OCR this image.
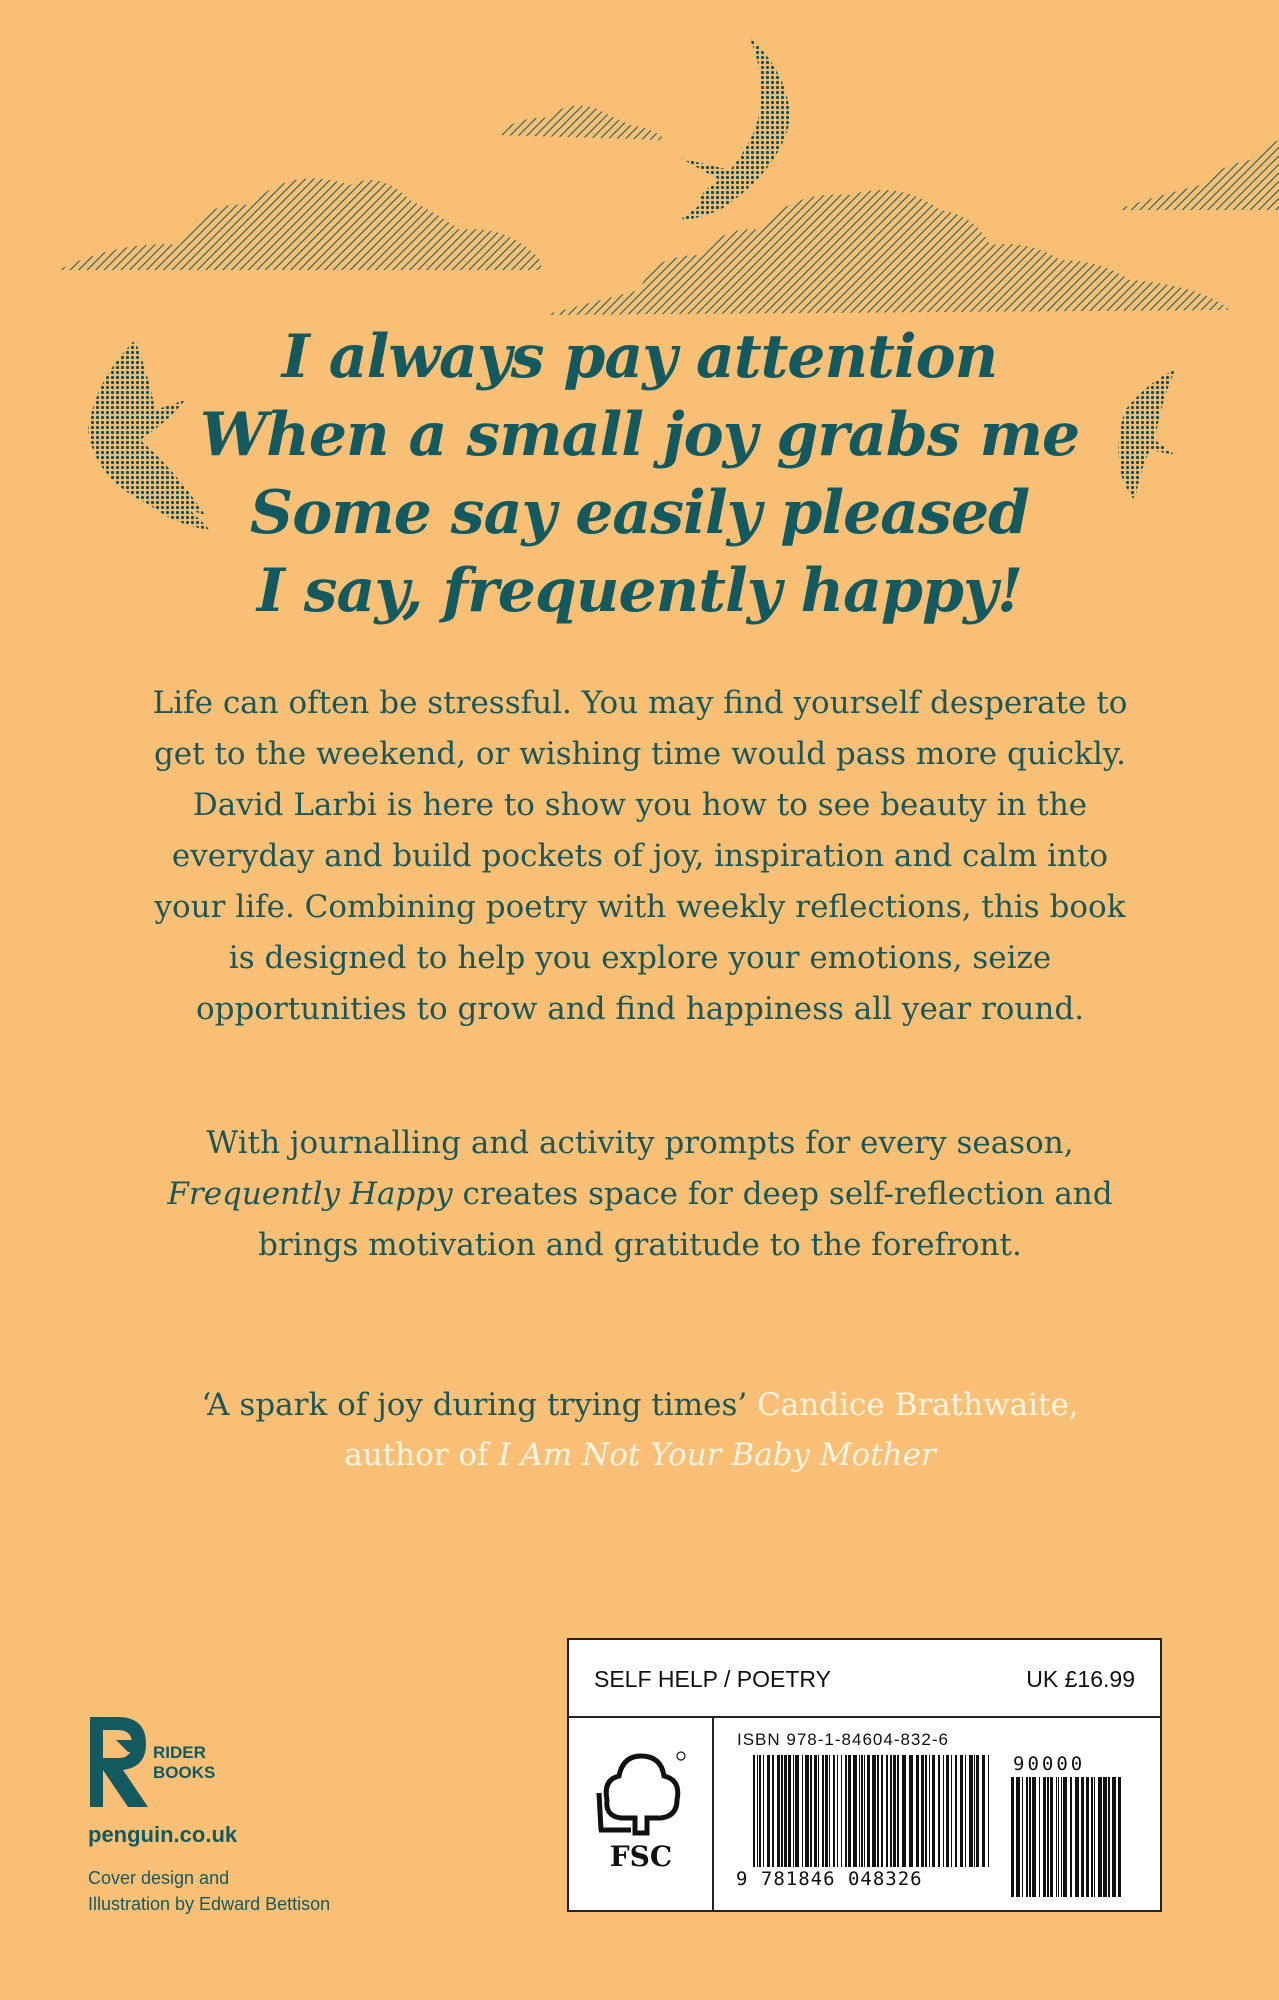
I always pay attention
When a small joy grabs me
Some say easily pleased
I say, frequently happy!
Life can often be stressful. You may find yourself desperate to get to the weekend, or wishing time would pass more quickly. David Larbi is here to show you how to see beauty in the everyday and build pockets of joy, inspiration and calm into your life. Combining poetry with weekly reflections, this book is designed to help you explore your emotions, seize opportunities to grow and find happiness all year round.
With journalling and activity prompts for every season, Frequently Happy creates space for deep self-reflection and brings motivation and gratitude to the forefront.
‘A spark of joy during trying times’ Candice Brathwaite,
author of I Am Not Your Baby Mother
RIDER
BOOKS
penguin.co.uk
Cover design and
Illustration by Edward Bettison
SELF HELP / POETRY	UK £16.99
FSC
ISBN 978-1-84604-832-6
90000
9 781846 048326
